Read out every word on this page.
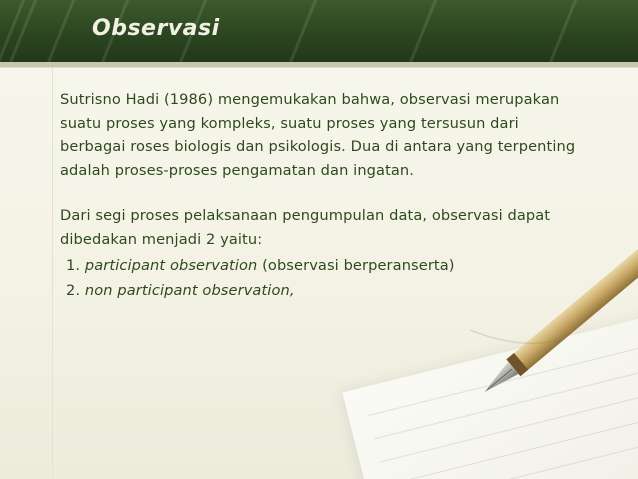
Observasi

Sutrisno Hadi (1986) mengemukakan bahwa, observasi merupakan suatu proses yang kompleks, suatu proses yang tersusun dari berbagai roses biologis dan psikologis. Dua di antara yang terpenting adalah proses-proses pengamatan dan ingatan.

Dari segi proses pelaksanaan pengumpulan data, observasi dapat dibedakan menjadi 2 yaitu:

1. participant observation (observasi berperanserta)
2. non participant observation,
